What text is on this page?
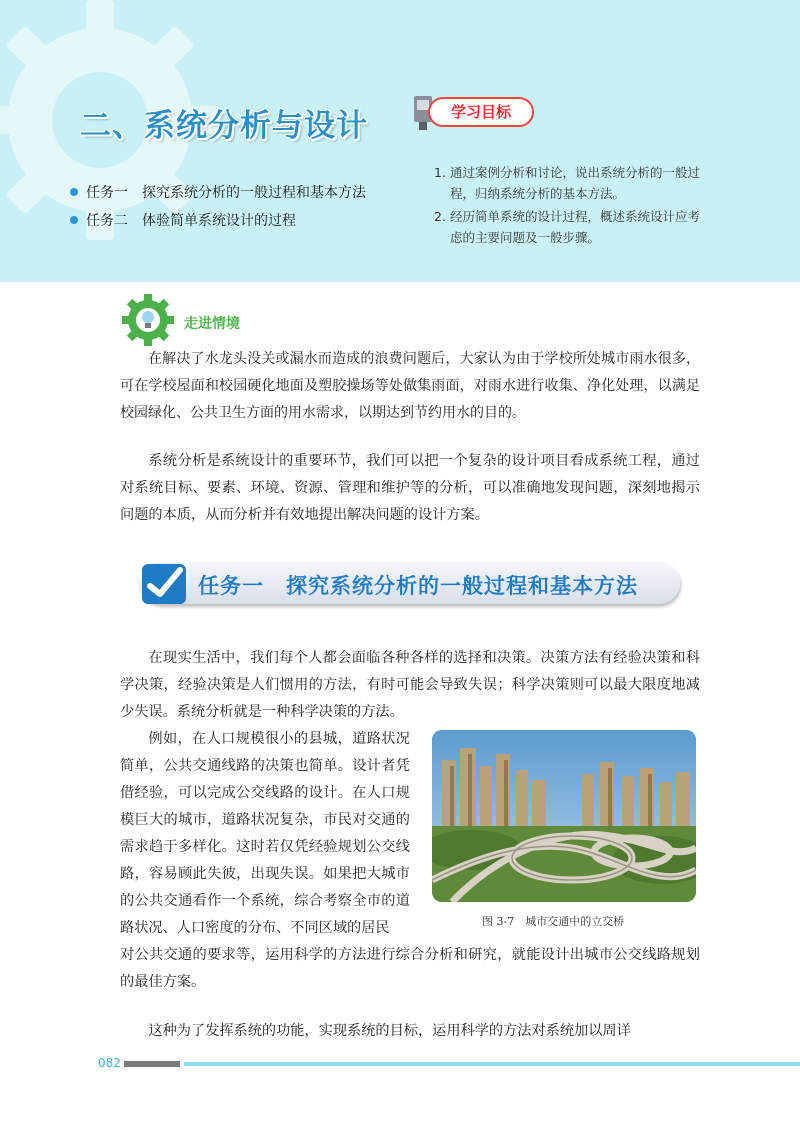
二、系统分析与设计	学习目标
任务一 探究系统分析的一般过程和基本方法
任务二 体验简单系统设计的过程
1. 通过案例分析和讨论，说出系统分析的一般过程，归纳系统分析的基本方法。
2. 经历简单系统的设计过程，概述系统设计应考虑的主要问题及一般步骤。
走进情境
在解决了水龙头没关或漏水而造成的浪费问题后，大家认为由于学校所处城市雨水很多，可在学校屋面和校园硬化地面及塑胶操场等处做集雨面，对雨水进行收集、净化处理，以满足校园绿化、公共卫生方面的用水需求，以期达到节约用水的目的。
系统分析是系统设计的重要环节，我们可以把一个复杂的设计项目看成系统工程，通过对系统目标、要素、环境、资源、管理和维护等的分析，可以准确地发现问题，深刻地揭示问题的本质，从而分析并有效地提出解决问题的设计方案。
任务一 探究系统分析的一般过程和基本方法
在现实生活中，我们每个人都会面临各种各样的选择和决策。决策方法有经验决策和科学决策，经验决策是人们惯用的方法，有时可能会导致失误；科学决策则可以最大限度地减少失误。系统分析就是一种科学决策的方法。
例如，在人口规模很小的县城，道路状况简单，公共交通线路的决策也简单。设计者凭借经验，可以完成公交线路的设计。在人口规模巨大的城市，道路状况复杂，市民对交通的需求趋于多样化。这时若仅凭经验规划公交线路，容易顾此失彼，出现失误。如果把大城市的公共交通看作一个系统，综合考察全市的道路状况、人口密度的分布、不同区域的居民
对公共交通的要求等，运用科学的方法进行综合分析和研究，就能设计出城市公交线路规划的最佳方案。
图 3-7　城市交通中的立交桥
这种为了发挥系统的功能，实现系统的目标，运用科学的方法对系统加以周详
082
